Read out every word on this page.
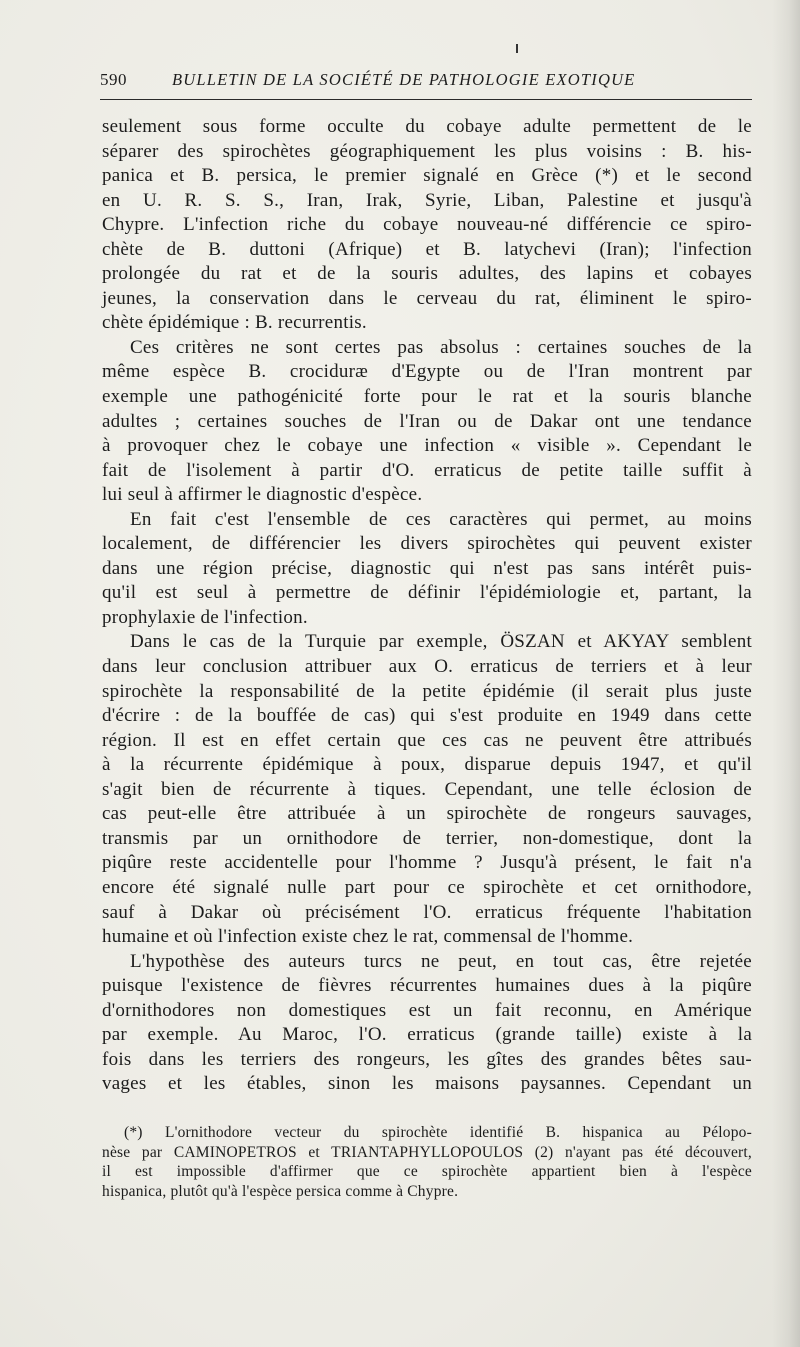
590	BULLETIN DE LA SOCIÉTÉ DE PATHOLOGIE EXOTIQUE
seulement sous forme occulte du cobaye adulte permettent de le
séparer des spirochètes géographiquement les plus voisins : B. his-
panica et B. persica, le premier signalé en Grèce (*) et le second
en U. R. S. S., Iran, Irak, Syrie, Liban, Palestine et jusqu'à
Chypre. L'infection riche du cobaye nouveau-né différencie ce spiro-
chète de B. duttoni (Afrique) et B. latychevi (Iran); l'infection
prolongée du rat et de la souris adultes, des lapins et cobayes
jeunes, la conservation dans le cerveau du rat, éliminent le spiro-
chète épidémique : B. recurrentis.
Ces critères ne sont certes pas absolus : certaines souches de la
même espèce B. crociduræ d'Egypte ou de l'Iran montrent par
exemple une pathogénicité forte pour le rat et la souris blanche
adultes ; certaines souches de l'Iran ou de Dakar ont une tendance
à provoquer chez le cobaye une infection « visible ». Cependant le
fait de l'isolement à partir d'O. erraticus de petite taille suffit à
lui seul à affirmer le diagnostic d'espèce.
En fait c'est l'ensemble de ces caractères qui permet, au moins
localement, de différencier les divers spirochètes qui peuvent exister
dans une région précise, diagnostic qui n'est pas sans intérêt puis-
qu'il est seul à permettre de définir l'épidémiologie et, partant, la
prophylaxie de l'infection.
Dans le cas de la Turquie par exemple, ÖSZAN et AKYAY semblent
dans leur conclusion attribuer aux O. erraticus de terriers et à leur
spirochète la responsabilité de la petite épidémie (il serait plus juste
d'écrire : de la bouffée de cas) qui s'est produite en 1949 dans cette
région. Il est en effet certain que ces cas ne peuvent être attribués
à la récurrente épidémique à poux, disparue depuis 1947, et qu'il
s'agit bien de récurrente à tiques. Cependant, une telle éclosion de
cas peut-elle être attribuée à un spirochète de rongeurs sauvages,
transmis par un ornithodore de terrier, non-domestique, dont la
piqûre reste accidentelle pour l'homme ? Jusqu'à présent, le fait n'a
encore été signalé nulle part pour ce spirochète et cet ornithodore,
sauf à Dakar où précisément l'O. erraticus fréquente l'habitation
humaine et où l'infection existe chez le rat, commensal de l'homme.
L'hypothèse des auteurs turcs ne peut, en tout cas, être rejetée
puisque l'existence de fièvres récurrentes humaines dues à la piqûre
d'ornithodores non domestiques est un fait reconnu, en Amérique
par exemple. Au Maroc, l'O. erraticus (grande taille) existe à la
fois dans les terriers des rongeurs, les gîtes des grandes bêtes sau-
vages et les étables, sinon les maisons paysannes. Cependant un
(*) L'ornithodore vecteur du spirochète identifié B. hispanica au Pélopo-
nèse par CAMINOPETROS et TRIANTAPHYLLOPOULOS (2) n'ayant pas été découvert,
il est impossible d'affirmer que ce spirochète appartient bien à l'espèce
hispanica, plutôt qu'à l'espèce persica comme à Chypre.
